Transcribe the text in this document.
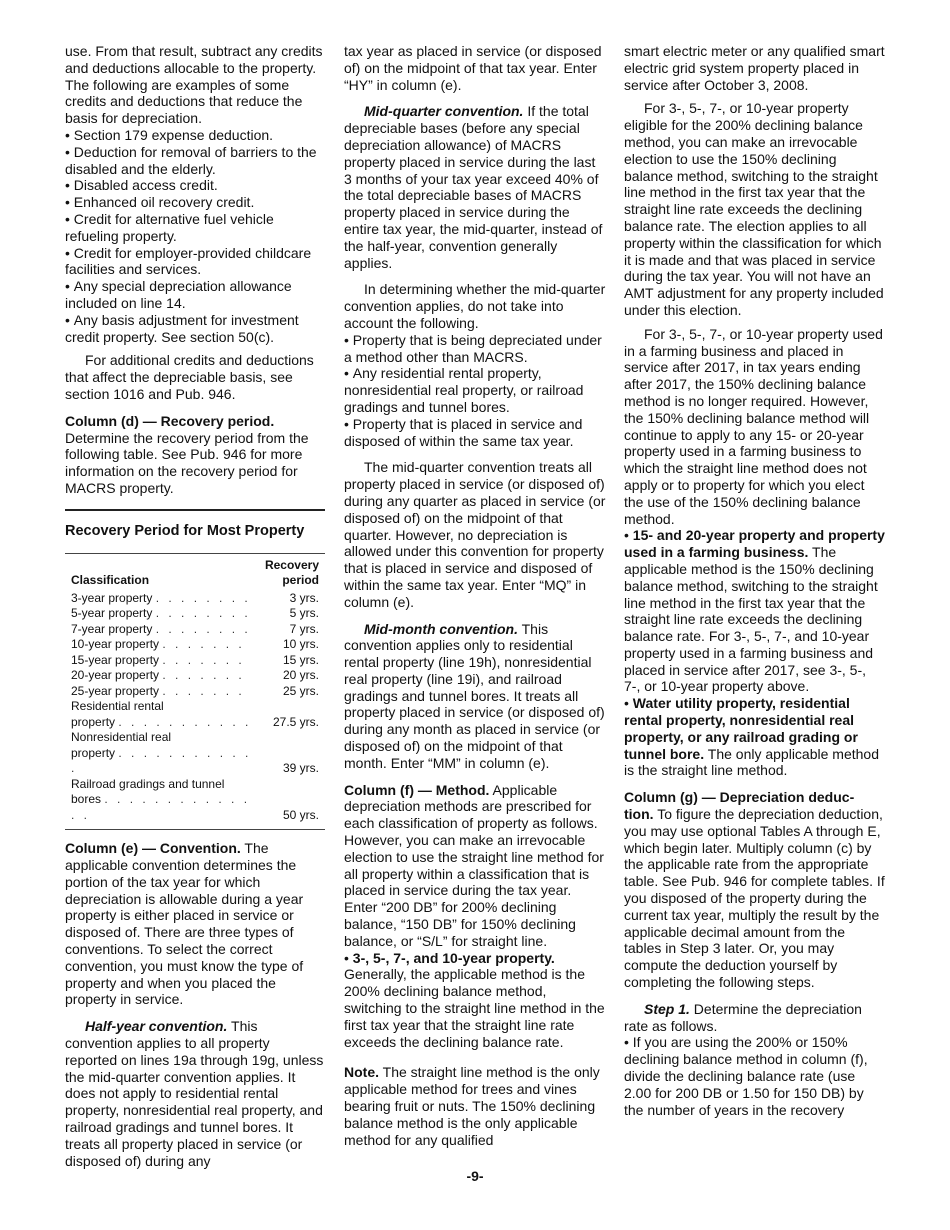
use. From that result, subtract any credits and deductions allocable to the property. The following are examples of some credits and deductions that reduce the basis for depreciation.

• Section 179 expense deduction.

• Deduction for removal of barriers to the disabled and the elderly.

• Disabled access credit.

• Enhanced oil recovery credit.

• Credit for alternative fuel vehicle refueling property.

• Credit for employer-provided childcare facilities and services.

• Any special depreciation allowance included on line 14.

• Any basis adjustment for investment credit property. See section 50(c).

For additional credits and deductions that affect the depreciable basis, see section 1016 and Pub. 946.

Column (d) — Recovery period. Determine the recovery period from the following table. See Pub. 946 for more information on the recovery period for MACRS property.

Recovery Period for Most Property
Classification	Recovery
period
3-year property . . . . . . . .	3 yrs.
5-year property . . . . . . . .	5 yrs.
7-year property . . . . . . . .	7 yrs.
10-year property . . . . . . .	10 yrs.
15-year property . . . . . . .	15 yrs.
20-year property . . . . . . .	20 yrs.
25-year property . . . . . . .	25 yrs.
Residential rental	
property . . . . . . . . . . .	27.5 yrs.
Nonresidential real	
property . . . . . . . . . . . .	39 yrs.
Railroad gradings and tunnel	
bores . . . . . . . . . . . . . .	50 yrs.

Column (e) — Convention. The applicable convention determines the portion of the tax year for which depreciation is allowable during a year property is either placed in service or disposed of. There are three types of conventions. To select the correct convention, you must know the type of property and when you placed the property in service.

Half-year convention. This convention applies to all property reported on lines 19a through 19g, unless the mid-quarter convention applies. It does not apply to residential rental property, nonresidential real property, and railroad gradings and tunnel bores. It treats all property placed in service (or disposed of) during any

tax year as placed in service (or disposed of) on the midpoint of that tax year. Enter “HY” in column (e).

Mid-quarter convention. If the total depreciable bases (before any special depreciation allowance) of MACRS property placed in service during the last 3 months of your tax year exceed 40% of the total depreciable bases of MACRS property placed in service during the entire tax year, the mid-quarter, instead of the half-year, convention generally applies.

In determining whether the mid-quarter convention applies, do not take into account the following.

• Property that is being depreciated under a method other than MACRS.

• Any residential rental property, nonresidential real property, or railroad gradings and tunnel bores.

• Property that is placed in service and disposed of within the same tax year.

The mid-quarter convention treats all property placed in service (or disposed of) during any quarter as placed in service (or disposed of) on the midpoint of that quarter. However, no depreciation is allowed under this convention for property that is placed in service and disposed of within the same tax year. Enter “MQ” in column (e).

Mid-month convention. This convention applies only to residential rental property (line 19h), nonresidential real property (line 19i), and railroad gradings and tunnel bores. It treats all property placed in service (or disposed of) during any month as placed in service (or disposed of) on the midpoint of that month. Enter “MM” in column (e).

Column (f) — Method. Applicable depreciation methods are prescribed for each classification of property as follows. However, you can make an irrevocable election to use the straight line method for all property within a classification that is placed in service during the tax year. Enter “200 DB” for 200% declining balance, “150 DB” for 150% declining balance, or “S/L” for straight line.

• 3-, 5-, 7-, and 10-year property. Generally, the applicable method is the 200% declining balance method, switching to the straight line method in the first tax year that the straight line rate exceeds the declining balance rate.

Note. The straight line method is the only applicable method for trees and vines bearing fruit or nuts. The 150% declining balance method is the only applicable method for any qualified

smart electric meter or any qualified smart electric grid system property placed in service after October 3, 2008.

For 3-, 5-, 7-, or 10-year property eligible for the 200% declining balance method, you can make an irrevocable election to use the 150% declining balance method, switching to the straight line method in the first tax year that the straight line rate exceeds the declining balance rate. The election applies to all property within the classification for which it is made and that was placed in service during the tax year. You will not have an AMT adjustment for any property included under this election.

For 3-, 5-, 7-, or 10-year property used in a farming business and placed in service after 2017, in tax years ending after 2017, the 150% declining balance method is no longer required. However, the 150% declining balance method will continue to apply to any 15- or 20-year property used in a farming business to which the straight line method does not apply or to property for which you elect the use of the 150% declining balance method.

• 15- and 20-year property and property used in a farming business. The applicable method is the 150% declining balance method, switching to the straight line method in the first tax year that the straight line rate exceeds the declining balance rate. For 3-, 5-, 7-, and 10-year property used in a farming business and placed in service after 2017, see 3-, 5-, 7-, or 10-year property above.

• Water utility property, residential rental property, nonresidential real property, or any railroad grading or tunnel bore. The only applicable method is the straight line method.

Column (g) — Depreciation deduc- tion. To figure the depreciation deduction, you may use optional Tables A through E, which begin later. Multiply column (c) by the applicable rate from the appropriate table. See Pub. 946 for complete tables. If you disposed of the property during the current tax year, multiply the result by the applicable decimal amount from the tables in Step 3 later. Or, you may compute the deduction yourself by completing the following steps.

Step 1. Determine the depreciation rate as follows.

• If you are using the 200% or 150% declining balance method in column (f), divide the declining balance rate (use 2.00 for 200 DB or 1.50 for 150 DB) by the number of years in the recovery

-9-
